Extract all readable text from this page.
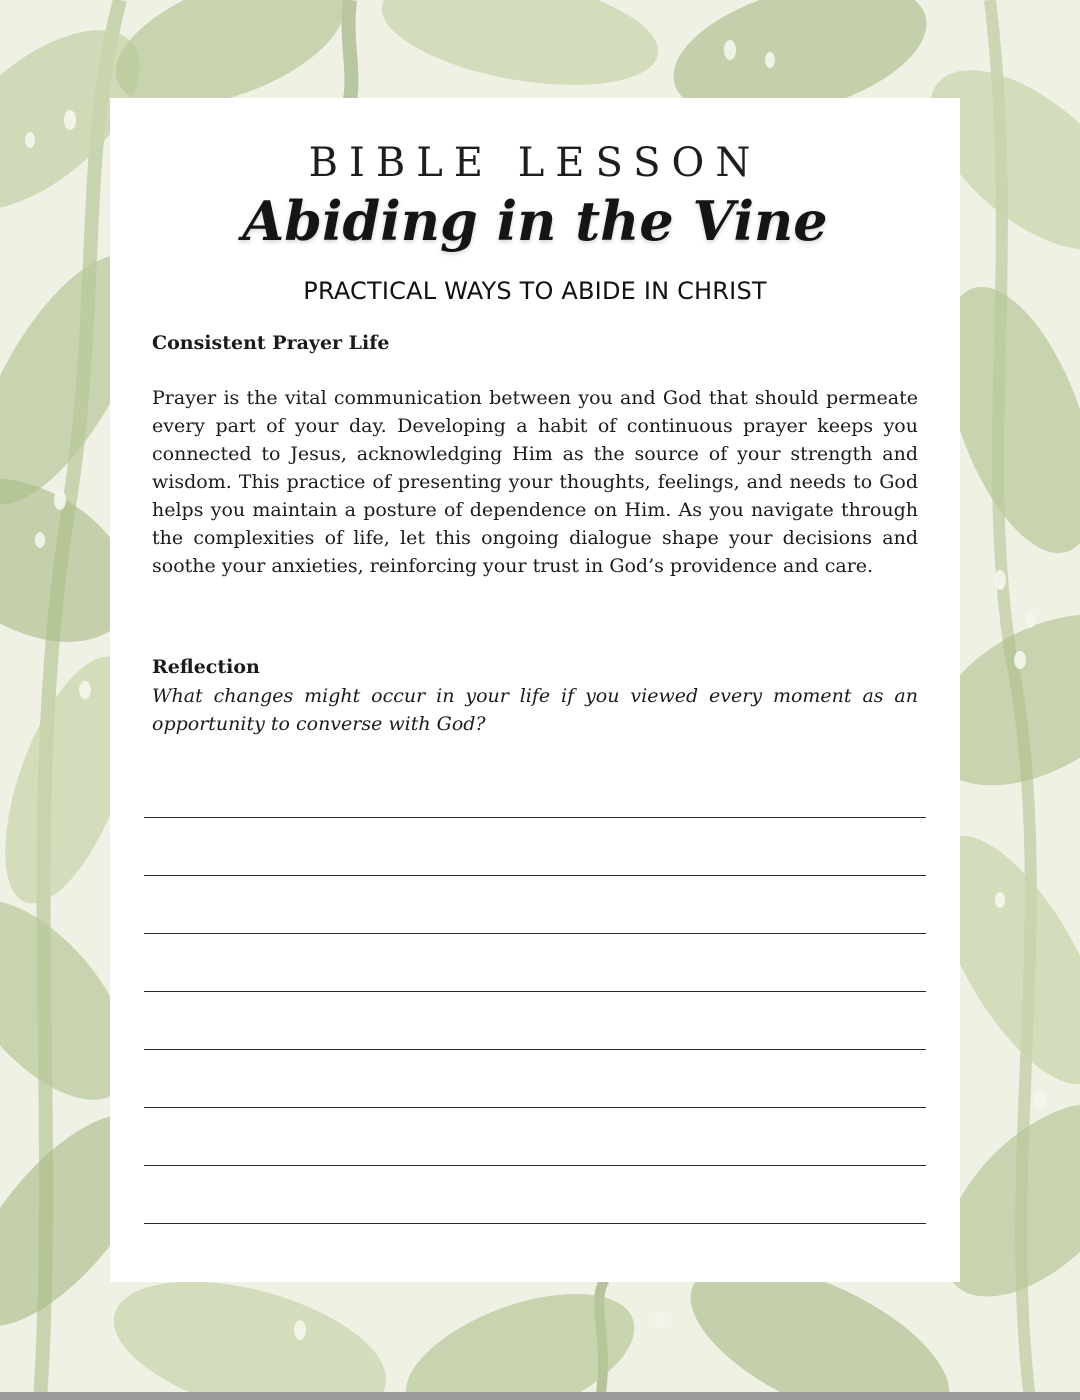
BIBLE LESSON
Abiding in the Vine
PRACTICAL WAYS TO ABIDE IN CHRIST
Consistent Prayer Life

Prayer is the vital communication between you and God that should permeate every part of your day. Developing a habit of continuous prayer keeps you connected to Jesus, acknowledging Him as the source of your strength and wisdom. This practice of presenting your thoughts, feelings, and needs to God helps you maintain a posture of dependence on Him. As you navigate through the complexities of life, let this ongoing dialogue shape your decisions and soothe your anxieties, reinforcing your trust in God’s providence and care.

Reflection

What changes might occur in your life if you viewed every moment as an opportunity to converse with God?
